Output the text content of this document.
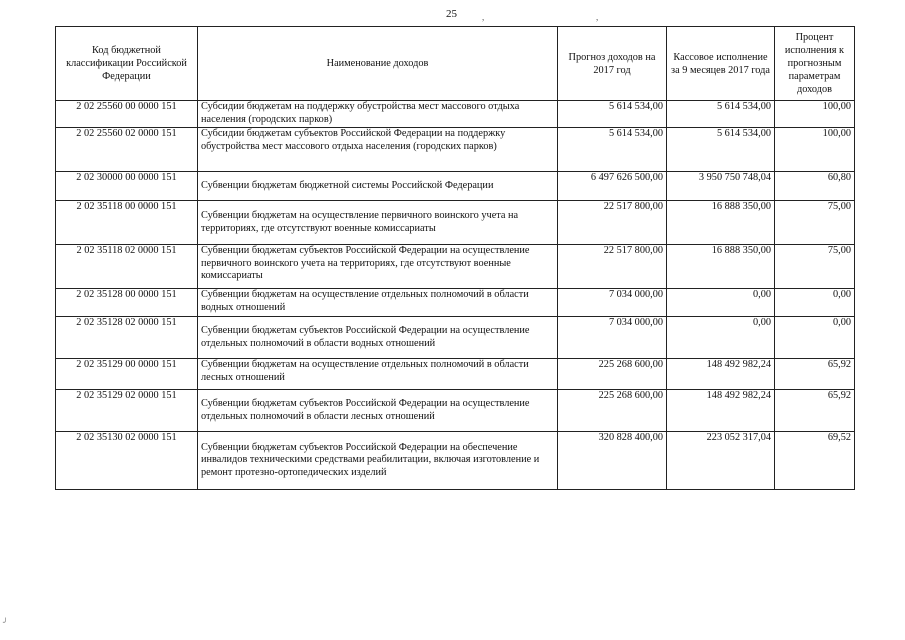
25	,	,
Код бюджетной классификации Российской Федерации	Наименование доходов	Прогноз доходов на 2017 год	Кассовое исполнение за 9 месяцев 2017 года	Процент исполнения к прогнозным параметрам доходов
2 02 25560 00 0000 151	Субсидии бюджетам на поддержку обустройства мест массового отдыха населения (городских парков)	5 614 534,00	5 614 534,00	100,00
2 02 25560 02 0000 151	Субсидии бюджетам субъектов Российской Федерации на поддержку обустройства мест массового отдыха населения (городских парков)	5 614 534,00	5 614 534,00	100,00
2 02 30000 00 0000 151	Субвенции бюджетам бюджетной системы Российской Федерации	6 497 626 500,00	3 950 750 748,04	60,80
2 02 35118 00 0000 151	Субвенции бюджетам на осуществление первичного воинского учета на территориях, где отсутствуют военные комиссариаты	22 517 800,00	16 888 350,00	75,00
2 02 35118 02 0000 151	Субвенции бюджетам субъектов Российской Федерации на осуществление первичного воинского учета на территориях, где отсутствуют военные комиссариаты	22 517 800,00	16 888 350,00	75,00
2 02 35128 00 0000 151	Субвенции бюджетам на осуществление отдельных полномочий в области водных отношений	7 034 000,00	0,00	0,00
2 02 35128 02 0000 151	Субвенции бюджетам субъектов Российской Федерации на осуществление отдельных полномочий в области водных отношений	7 034 000,00	0,00	0,00
2 02 35129 00 0000 151	Субвенции бюджетам на осуществление отдельных полномочий в области лесных отношений	225 268 600,00	148 492 982,24	65,92
2 02 35129 02 0000 151	Субвенции бюджетам субъектов Российской Федерации на осуществление отдельных полномочий в области лесных отношений	225 268 600,00	148 492 982,24	65,92
2 02 35130 02 0000 151	Субвенции бюджетам субъектов Российской Федерации на обеспечение инвалидов техническими средствами реабилитации, включая изготовление и ремонт протезно-ортопедических изделий	320 828 400,00	223 052 317,04	69,52
╯
